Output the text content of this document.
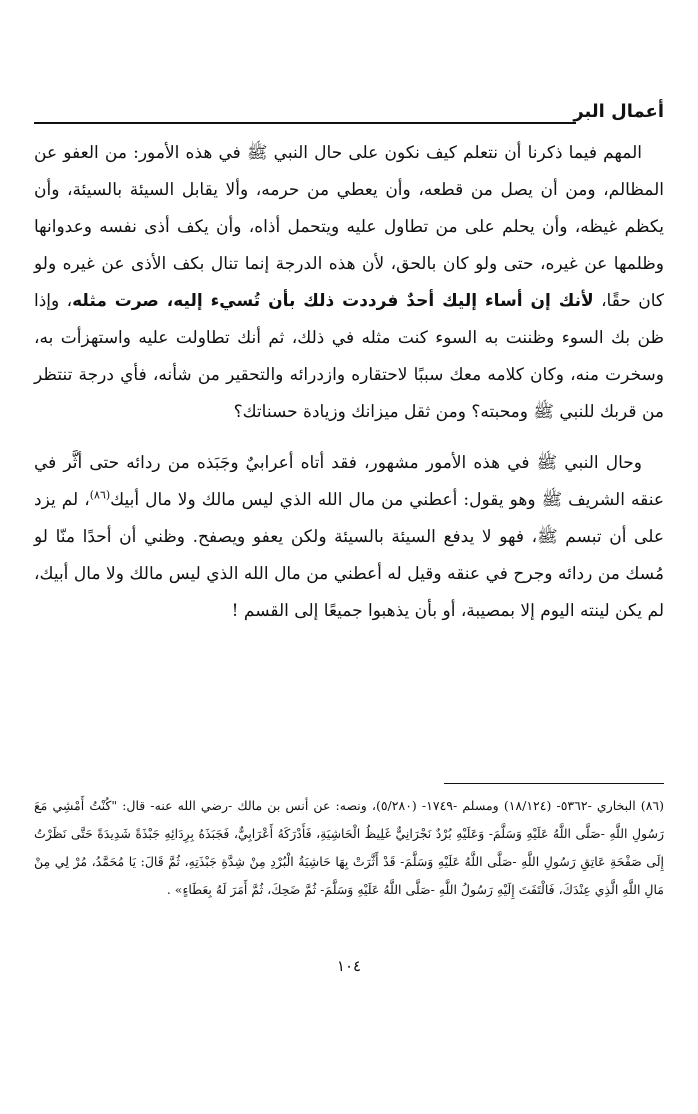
أعمال البر

المهم فيما ذكرنا أن نتعلم كيف نكون على حال النبي ﷺ في هذه الأمور: من العفو عن المظالم، ومن أن يصل من قطعه، وأن يعطي من حرمه، وألا يقابل السيئة بالسيئة، وأن يكظم غيظه، وأن يحلم على من تطاول عليه ويتحمل أذاه، وأن يكف أذى نفسه وعدوانها وظلمها عن غيره، حتى ولو كان بالحق، لأن هذه الدرجة إنما تنال بكف الأذى عن غيره ولو كان حقًا، لأنك إن أساء إليك أحدٌ فرددت ذلك بأن تُسيء إليه، صرت مثله، وإذا ظن بك السوء وظننت به السوء كنت مثله في ذلك، ثم أنك تطاولت عليه واستهزأت به، وسخرت منه، وكان كلامه معك سببًا لاحتقاره وازدرائه والتحقير من شأنه، فأي درجة تنتظر من قربك للنبي ﷺ ومحبته؟ ومن ثقل ميزانك وزيادة حسناتك؟

وحال النبي ﷺ في هذه الأمور مشهور، فقد أتاه أعرابيٌ وجَبَذه من ردائه حتى أثَّر في عنقه الشريف ﷺ وهو يقول: أعطني من مال الله الذي ليس مالك ولا مال أبيك$^{(٨٦)}$، لم يزد على أن تبسم ﷺ، فهو لا يدفع السيئة بالسيئة ولكن يعفو ويصفح. وظني أن أحدًا منّا لو مُسك من ردائه وجرح في عنقه وقيل له أعطني من مال الله الذي ليس مالك ولا مال أبيك، لم يكن لينته اليوم إلا بمصيبة، أو بأن يذهبوا جميعًا إلى القسم !

(٨٦) البخاري -٥٣٦٢- (١٨/١٢٤) ومسلم -١٧٤٩- (٥/٢٨٠)، ونصه: عن أنس بن مالك -رضي الله عنه- قال: "كُنْتُ أَمْشِي مَعَ رَسُولِ اللَّهِ -صَلَّى اللَّهُ عَلَيْهِ وَسَلَّمَ- وَعَلَيْهِ بُرْدٌ نَجْرَانِيٌّ غَلِيظُ الْحَاشِيَةِ، فَأَدْرَكَهُ أَعْرَابِيٌّ، فَجَبَذَهُ بِرِدَائِهِ جَبْذَةً شَدِيدَةً حَتَّى نَظَرْتُ إِلَى صَفْحَةِ عَاتِقِ رَسُولِ اللَّهِ -صَلَّى اللَّهُ عَلَيْهِ وَسَلَّمَ- قَدْ أَثَّرَتْ بِهَا حَاشِيَةُ الْبُرْدِ مِنْ شِدَّةِ جَبْذَتِهِ، ثُمَّ قَالَ: يَا مُحَمَّدُ، مُرْ لِي مِنْ مَالِ اللَّهِ الَّذِي عِنْدَكَ، فَالْتَفَتَ إِلَيْهِ رَسُولُ اللَّهِ -صَلَّى اللَّهُ عَلَيْهِ وَسَلَّمَ- ثُمَّ ضَحِكَ، ثُمَّ أَمَرَ لَهُ بِعَطَاءٍ» .

١٠٤
